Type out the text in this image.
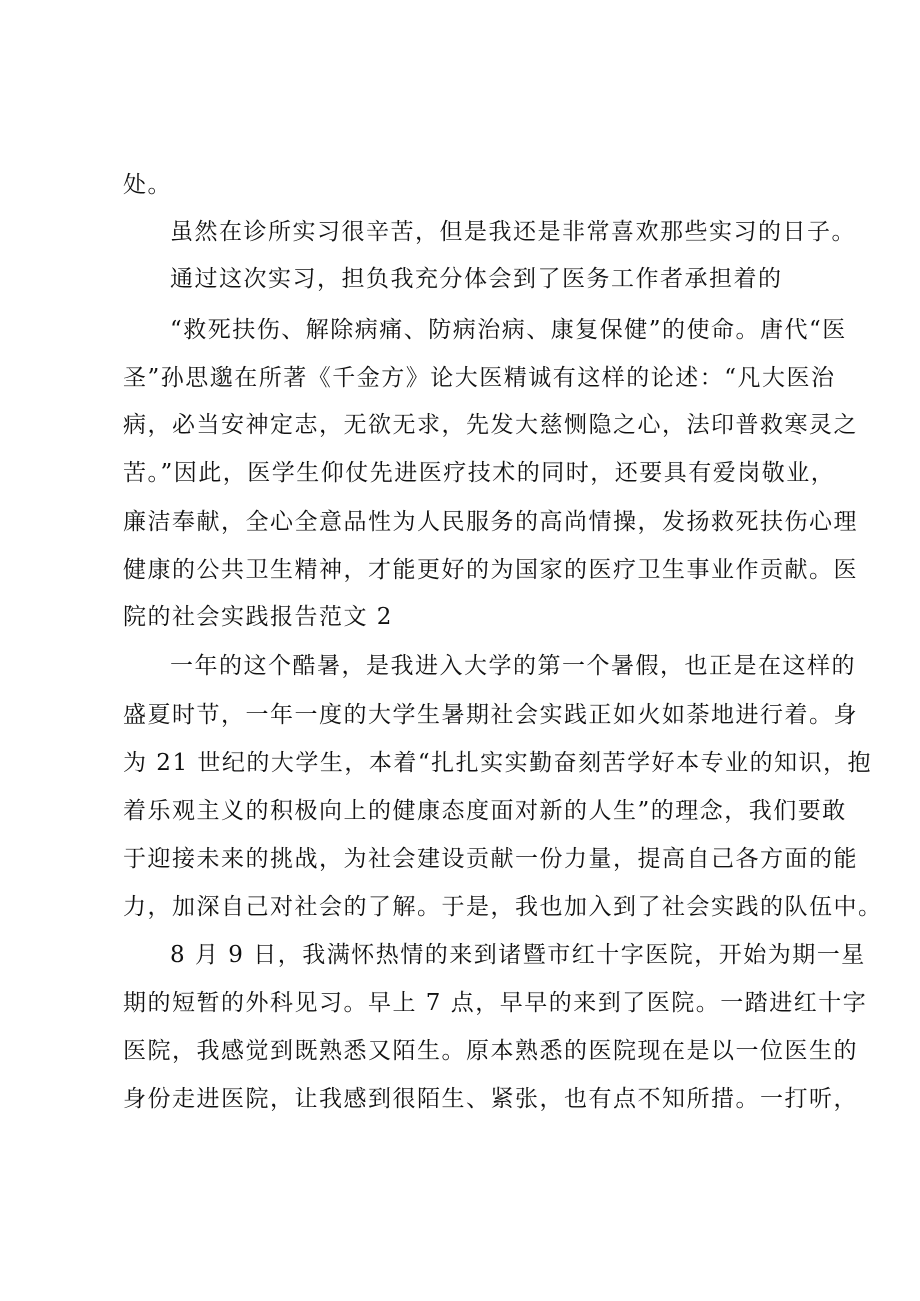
处。
虽然在诊所实习很辛苦，但是我还是非常喜欢那些实习的日子。
通过这次实习，担负我充分体会到了医务工作者承担着的
“救死扶伤、解除病痛、防病治病、康复保健”的使命。唐代“医
圣”孙思邈在所著《千金方》论大医精诚有这样的论述：“凡大医治
病，必当安神定志，无欲无求，先发大慈恻隐之心，法印普救寒灵之
苦。”因此，医学生仰仗先进医疗技术的同时，还要具有爱岗敬业，
廉洁奉献，全心全意品性为人民服务的高尚情操，发扬救死扶伤心理
健康的公共卫生精神，才能更好的为国家的医疗卫生事业作贡献。医
院的社会实践报告范文 2
一年的这个酷暑，是我进入大学的第一个暑假，也正是在这样的
盛夏时节，一年一度的大学生暑期社会实践正如火如荼地进行着。身
为 21 世纪的大学生，本着“扎扎实实勤奋刻苦学好本专业的知识，抱
着乐观主义的积极向上的健康态度面对新的人生”的理念，我们要敢
于迎接未来的挑战，为社会建设贡献一份力量，提高自己各方面的能
力，加深自己对社会的了解。于是，我也加入到了社会实践的队伍中。
8 月 9 日，我满怀热情的来到诸暨市红十字医院，开始为期一星
期的短暂的外科见习。早上 7 点，早早的来到了医院。一踏进红十字
医院，我感觉到既熟悉又陌生。原本熟悉的医院现在是以一位医生的
身份走进医院，让我感到很陌生、紧张，也有点不知所措。一打听，
